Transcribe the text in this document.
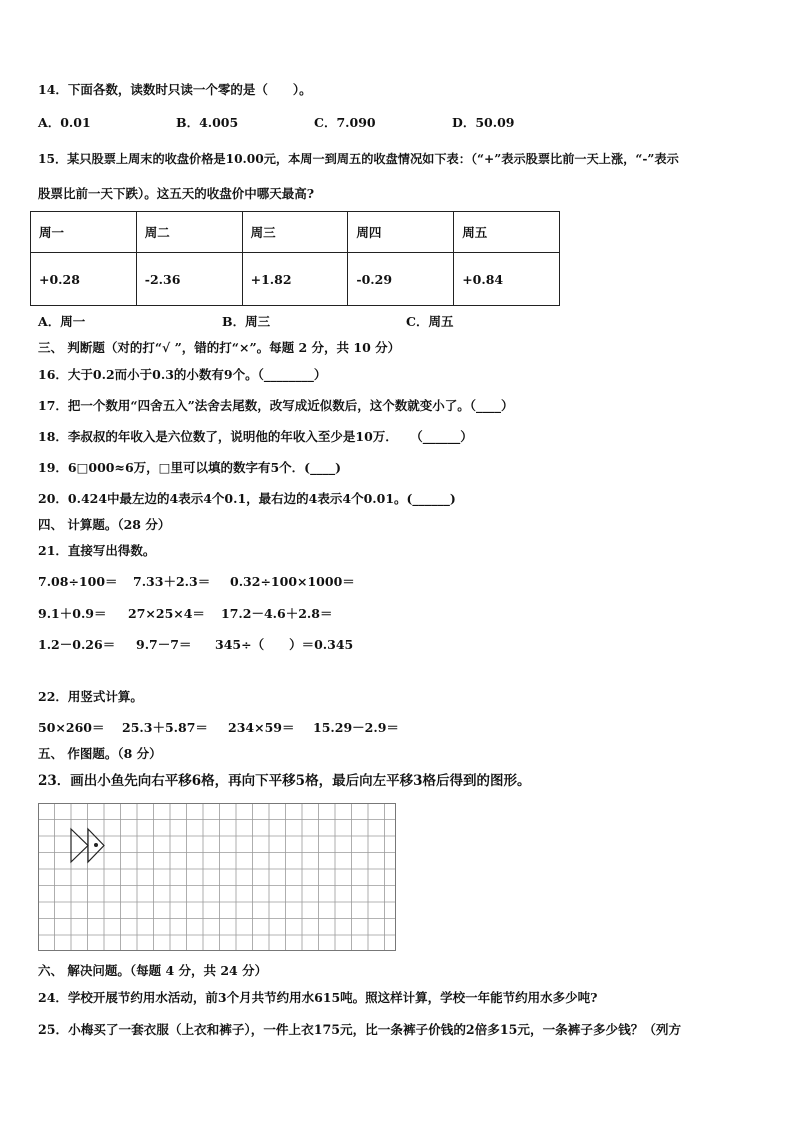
14．下面各数，读数时只读一个零的是（　　）。
A．0.01	B．4.005	C．7.090	D．50.09
15．某只股票上周末的收盘价格是10.00元，本周一到周五的收盘情况如下表：（“+”表示股票比前一天上涨，“-”表示
股票比前一天下跌）。这五天的收盘价中哪天最高?
周一	周二	周三	周四	周五
+0.28	-2.36	+1.82	-0.29	+0.84
A．周一	B．周三	C．周五
三、 判断题（对的打“√ ”，错的打“×”。每题 2 分，共 10 分）
16．大于0.2而小于0.3的小数有9个。（________）
17．把一个数用“四舍五入”法舍去尾数，改写成近似数后，这个数就变小了。（____）
18．李叔叔的年收入是六位数了，说明他的年收入至少是10万．　　（______）
19．6□000≈6万，□里可以填的数字有5个．(____)
20．0.424中最左边的4表示4个0.1，最右边的4表示4个0.01。(______)
四、 计算题。（28 分）
21．直接写出得数。
7.08÷100＝ 7.33＋2.3＝ 0.32÷100×1000＝
9.1＋0.9＝ 27×25×4＝ 17.2－4.6＋2.8＝
1.2－0.26＝ 9.7－7＝ 345÷（　　）＝0.345
22．用竖式计算。
50×260＝ 25.3＋5.87＝ 234×59＝ 15.29－2.9＝
五、 作图题。（8 分）
23．画出小鱼先向右平移6格，再向下平移5格，最后向左平移3格后得到的图形。
六、 解决问题。（每题 4 分，共 24 分）
24．学校开展节约用水活动，前3个月共节约用水615吨。照这样计算，学校一年能节约用水多少吨?
25．小梅买了一套衣服（上衣和裤子），一件上衣175元，比一条裤子价钱的2倍多15元，一条裤子多少钱？（列方
